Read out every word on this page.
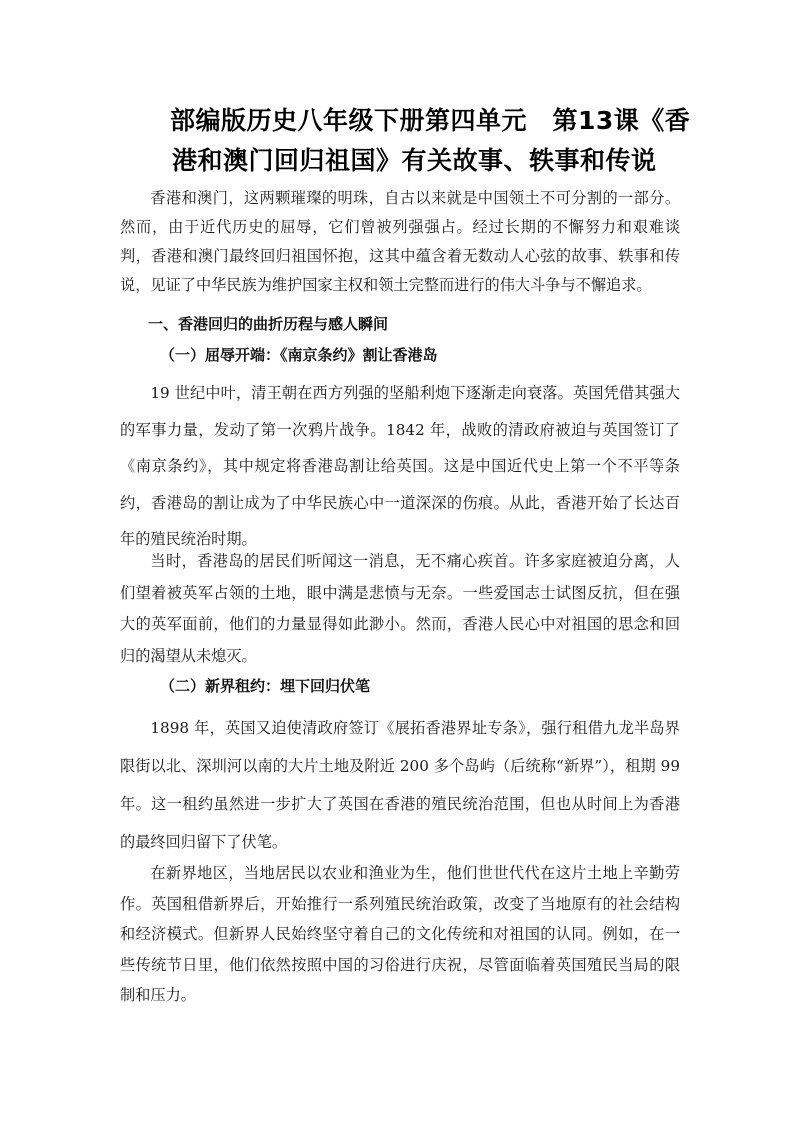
部编版历史八年级下册第四单元　第13课《香
港和澳门回归祖国》有关故事、轶事和传说

香港和澳门，这两颗璀璨的明珠，自古以来就是中国领土不可分割的一部分。然而，由于近代历史的屈辱，它们曾被列强强占。经过长期的不懈努力和艰难谈判，香港和澳门最终回归祖国怀抱，这其中蕴含着无数动人心弦的故事、轶事和传说，见证了中华民族为维护国家主权和领土完整而进行的伟大斗争与不懈追求。

一、香港回归的曲折历程与感人瞬间
（一）屈辱开端：《南京条约》割让香港岛

19 世纪中叶，清王朝在西方列强的坚船利炮下逐渐走向衰落。英国凭借其强大的军事力量，发动了第一次鸦片战争。1842 年，战败的清政府被迫与英国签订了《南京条约》，其中规定将香港岛割让给英国。这是中国近代史上第一个不平等条约，香港岛的割让成为了中华民族心中一道深深的伤痕。从此，香港开始了长达百年的殖民统治时期。

当时，香港岛的居民们听闻这一消息，无不痛心疾首。许多家庭被迫分离，人们望着被英军占领的土地，眼中满是悲愤与无奈。一些爱国志士试图反抗，但在强大的英军面前，他们的力量显得如此渺小。然而，香港人民心中对祖国的思念和回归的渴望从未熄灭。

（二）新界租约：埋下回归伏笔

1898 年，英国又迫使清政府签订《展拓香港界址专条》，强行租借九龙半岛界限街以北、深圳河以南的大片土地及附近 200 多个岛屿（后统称“新界”），租期 99 年。这一租约虽然进一步扩大了英国在香港的殖民统治范围，但也从时间上为香港的最终回归留下了伏笔。

在新界地区，当地居民以农业和渔业为生，他们世世代代在这片土地上辛勤劳作。英国租借新界后，开始推行一系列殖民统治政策，改变了当地原有的社会结构和经济模式。但新界人民始终坚守着自己的文化传统和对祖国的认同。例如，在一些传统节日里，他们依然按照中国的习俗进行庆祝，尽管面临着英国殖民当局的限制和压力。
